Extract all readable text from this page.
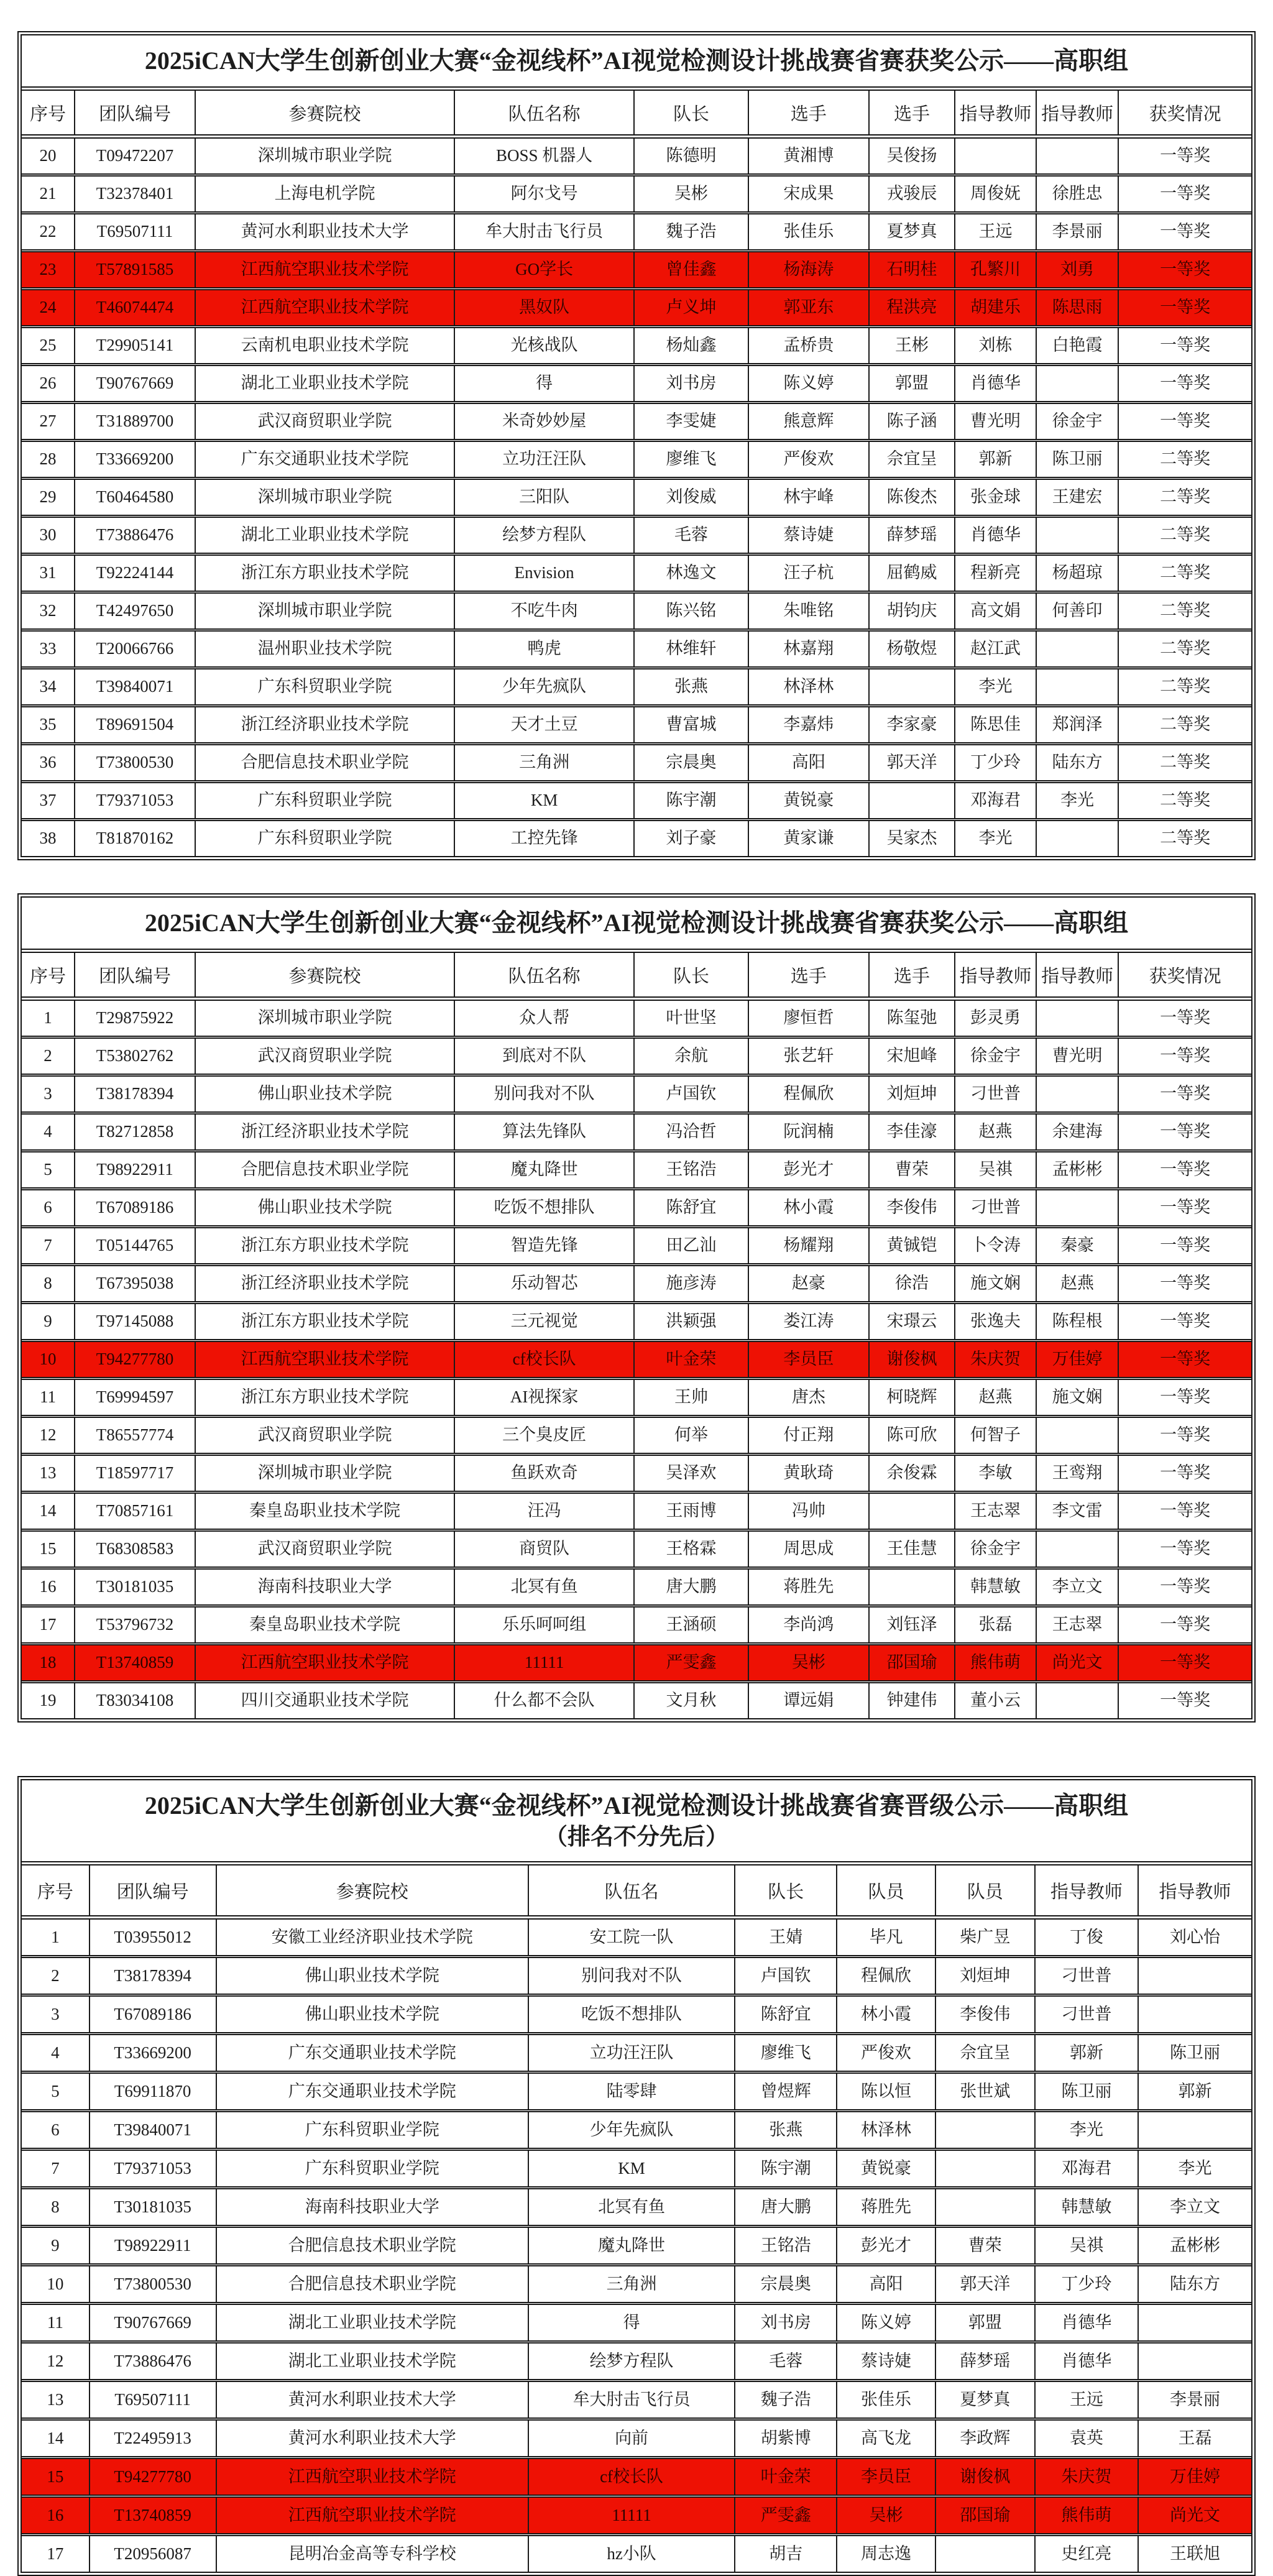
2025iCAN大学生创新创业大赛“金视线杯”AI视觉检测设计挑战赛省赛获奖公示——高职组
序号	团队编号	参赛院校	队伍名称	队长	选手	选手	指导教师	指导教师	获奖情况
20	T09472207	深圳城市职业学院	BOSS 机器人	陈德明	黄湘博	吴俊扬			一等奖
21	T32378401	上海电机学院	阿尔戈号	吴彬	宋成果	戎骏辰	周俊妩	徐胜忠	一等奖
22	T69507111	黄河水利职业技术大学	牟大肘击飞行员	魏子浩	张佳乐	夏梦真	王远	李景丽	一等奖
23	T57891585	江西航空职业技术学院	GO学长	曾佳鑫	杨海涛	石明桂	孔繁川	刘勇	一等奖
24	T46074474	江西航空职业技术学院	黑奴队	卢义坤	郭亚东	程洪亮	胡建乐	陈思雨	一等奖
25	T29905141	云南机电职业技术学院	光核战队	杨灿鑫	孟桥贵	王彬	刘栋	白艳霞	一等奖
26	T90767669	湖北工业职业技术学院	得	刘书房	陈义婷	郭盟	肖德华		一等奖
27	T31889700	武汉商贸职业学院	米奇妙妙屋	李雯婕	熊意辉	陈子涵	曹光明	徐金宇	一等奖
28	T33669200	广东交通职业技术学院	立功汪汪队	廖维飞	严俊欢	佘宜呈	郭新	陈卫丽	二等奖
29	T60464580	深圳城市职业学院	三阳队	刘俊威	林宇峰	陈俊杰	张金球	王建宏	二等奖
30	T73886476	湖北工业职业技术学院	绘梦方程队	毛蓉	蔡诗婕	薛梦瑶	肖德华		二等奖
31	T92224144	浙江东方职业技术学院	Envision	林逸文	汪子杭	屈鹤威	程新亮	杨超琼	二等奖
32	T42497650	深圳城市职业学院	不吃牛肉	陈兴铭	朱唯铭	胡钧庆	高文娟	何善印	二等奖
33	T20066766	温州职业技术学院	鸭虎	林维轩	林嘉翔	杨敬煜	赵江武		二等奖
34	T39840071	广东科贸职业学院	少年先疯队	张燕	林泽林		李光		二等奖
35	T89691504	浙江经济职业技术学院	天才土豆	曹富城	李嘉炜	李家豪	陈思佳	郑润泽	二等奖
36	T73800530	合肥信息技术职业学院	三角洲	宗晨奥	高阳	郭天洋	丁少玲	陆东方	二等奖
37	T79371053	广东科贸职业学院	KM	陈宇潮	黄锐豪		邓海君	李光	二等奖
38	T81870162	广东科贸职业学院	工控先锋	刘子豪	黄家谦	吴家杰	李光		二等奖
2025iCAN大学生创新创业大赛“金视线杯”AI视觉检测设计挑战赛省赛获奖公示——高职组
序号	团队编号	参赛院校	队伍名称	队长	选手	选手	指导教师	指导教师	获奖情况
1	T29875922	深圳城市职业学院	众人帮	叶世坚	廖恒哲	陈玺弛	彭灵勇		一等奖
2	T53802762	武汉商贸职业学院	到底对不队	余航	张艺轩	宋旭峰	徐金宇	曹光明	一等奖
3	T38178394	佛山职业技术学院	别问我对不队	卢国钦	程佩欣	刘烜坤	刁世普		一等奖
4	T82712858	浙江经济职业技术学院	算法先锋队	冯洽哲	阮润楠	李佳濠	赵燕	余建海	一等奖
5	T98922911	合肥信息技术职业学院	魔丸降世	王铭浩	彭光才	曹荣	吴祺	孟彬彬	一等奖
6	T67089186	佛山职业技术学院	吃饭不想排队	陈舒宜	林小霞	李俊伟	刁世普		一等奖
7	T05144765	浙江东方职业技术学院	智造先锋	田乙汕	杨耀翔	黄铖铠	卜令涛	秦豪	一等奖
8	T67395038	浙江经济职业技术学院	乐动智芯	施彦涛	赵豪	徐浩	施文娴	赵燕	一等奖
9	T97145088	浙江东方职业技术学院	三元视觉	洪颖强	娄江涛	宋璟云	张逸夫	陈程根	一等奖
10	T94277780	江西航空职业技术学院	cf校长队	叶金荣	李员臣	谢俊枫	朱庆贺	万佳婷	一等奖
11	T69994597	浙江东方职业技术学院	AI视探家	王帅	唐杰	柯晓辉	赵燕	施文娴	一等奖
12	T86557774	武汉商贸职业学院	三个臭皮匠	何举	付正翔	陈可欣	何智子		一等奖
13	T18597717	深圳城市职业学院	鱼跃欢奇	吴泽欢	黄耿琦	余俊霖	李敏	王鸾翔	一等奖
14	T70857161	秦皇岛职业技术学院	汪冯	王雨博	冯帅		王志翠	李文雷	一等奖
15	T68308583	武汉商贸职业学院	商贸队	王格霖	周思成	王佳慧	徐金宇		一等奖
16	T30181035	海南科技职业大学	北冥有鱼	唐大鹏	蒋胜先		韩慧敏	李立文	一等奖
17	T53796732	秦皇岛职业技术学院	乐乐呵呵组	王涵硕	李尚鸿	刘钰泽	张磊	王志翠	一等奖
18	T13740859	江西航空职业技术学院	11111	严雯鑫	吴彬	邵国瑜	熊伟萌	尚光文	一等奖
19	T83034108	四川交通职业技术学院	什么都不会队	文月秋	谭远娟	钟建伟	董小云		一等奖
2025iCAN大学生创新创业大赛“金视线杯”AI视觉检测设计挑战赛省赛晋级公示——高职组
（排名不分先后）
序号	团队编号	参赛院校	队伍名	队长	队员	队员	指导教师	指导教师
1	T03955012	安徽工业经济职业技术学院	安工院一队	王婧	毕凡	柴广昱	丁俊	刘心怡
2	T38178394	佛山职业技术学院	别问我对不队	卢国钦	程佩欣	刘烜坤	刁世普	
3	T67089186	佛山职业技术学院	吃饭不想排队	陈舒宜	林小霞	李俊伟	刁世普	
4	T33669200	广东交通职业技术学院	立功汪汪队	廖维飞	严俊欢	佘宜呈	郭新	陈卫丽
5	T69911870	广东交通职业技术学院	陆零肆	曾煜辉	陈以恒	张世斌	陈卫丽	郭新
6	T39840071	广东科贸职业学院	少年先疯队	张燕	林泽林		李光	
7	T79371053	广东科贸职业学院	KM	陈宇潮	黄锐豪		邓海君	李光
8	T30181035	海南科技职业大学	北冥有鱼	唐大鹏	蒋胜先		韩慧敏	李立文
9	T98922911	合肥信息技术职业学院	魔丸降世	王铭浩	彭光才	曹荣	吴祺	孟彬彬
10	T73800530	合肥信息技术职业学院	三角洲	宗晨奥	高阳	郭天洋	丁少玲	陆东方
11	T90767669	湖北工业职业技术学院	得	刘书房	陈义婷	郭盟	肖德华	
12	T73886476	湖北工业职业技术学院	绘梦方程队	毛蓉	蔡诗婕	薛梦瑶	肖德华	
13	T69507111	黄河水利职业技术大学	牟大肘击飞行员	魏子浩	张佳乐	夏梦真	王远	李景丽
14	T22495913	黄河水利职业技术大学	向前	胡紫博	高飞龙	李政辉	袁英	王磊
15	T94277780	江西航空职业技术学院	cf校长队	叶金荣	李员臣	谢俊枫	朱庆贺	万佳婷
16	T13740859	江西航空职业技术学院	11111	严雯鑫	吴彬	邵国瑜	熊伟萌	尚光文
17	T20956087	昆明冶金高等专科学校	hz小队	胡吉	周志逸		史红亮	王联旭
